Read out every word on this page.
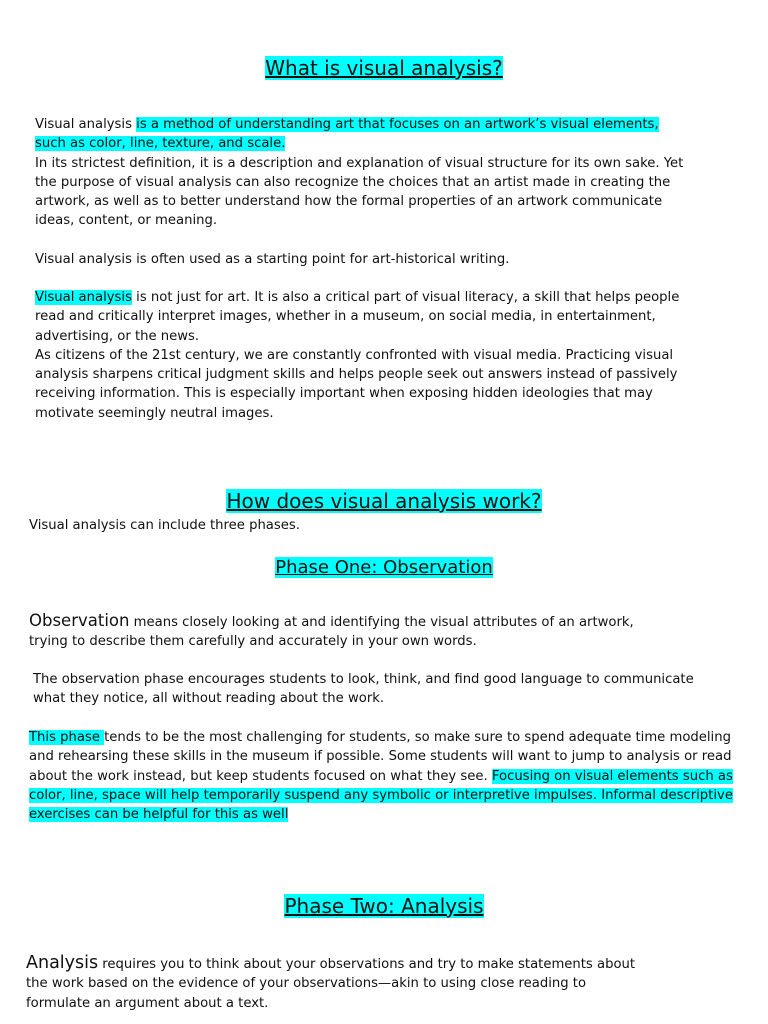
What is visual analysis?
Visual analysis is a method of understanding art that focuses on an artwork’s visual elements,
such as color, line, texture, and scale.
In its strictest definition, it is a description and explanation of visual structure for its own sake. Yet
the purpose of visual analysis can also recognize the choices that an artist made in creating the
artwork, as well as to better understand how the formal properties of an artwork communicate
ideas, content, or meaning.
Visual analysis is often used as a starting point for art-historical writing.
Visual analysis is not just for art. It is also a critical part of visual literacy, a skill that helps people
read and critically interpret images, whether in a museum, on social media, in entertainment,
advertising, or the news.
As citizens of the 21st century, we are constantly confronted with visual media. Practicing visual
analysis sharpens critical judgment skills and helps people seek out answers instead of passively
receiving information. This is especially important when exposing hidden ideologies that may
motivate seemingly neutral images.
How does visual analysis work?
Visual analysis can include three phases.
Phase One: Observation
Observation means closely looking at and identifying the visual attributes of an artwork,
trying to describe them carefully and accurately in your own words.
The observation phase encourages students to look, think, and find good language to communicate
what they notice, all without reading about the work.
This phase tends to be the most challenging for students, so make sure to spend adequate time modeling
and rehearsing these skills in the museum if possible. Some students will want to jump to analysis or read
about the work instead, but keep students focused on what they see. Focusing on visual elements such as
color, line, space will help temporarily suspend any symbolic or interpretive impulses. Informal descriptive
exercises can be helpful for this as well
Phase Two: Analysis
Analysis requires you to think about your observations and try to make statements about
the work based on the evidence of your observations—akin to using close reading to
formulate an argument about a text.
